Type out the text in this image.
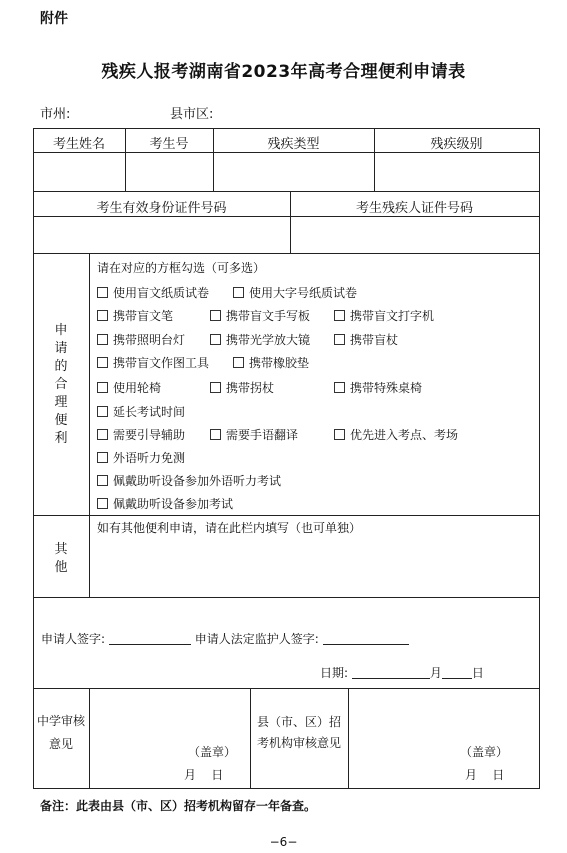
附件
残疾人报考湖南省2023年高考合理便利申请表
市州:	县市区:
考生姓名	考生号	残疾类型	残疾级别
考生有效身份证件号码	考生残疾人证件号码
申请的合理便利
请在对应的方框勾选（可多选）
使用盲文纸质试卷	使用大字号纸质试卷
携带盲文笔	携带盲文手写板	携带盲文打字机
携带照明台灯	携带光学放大镜	携带盲杖
携带盲文作图工具	携带橡胶垫
使用轮椅	携带拐杖	携带特殊桌椅
延长考试时间
需要引导辅助	需要手语翻译	优先进入考点、考场
外语听力免测
佩戴助听设备参加外语听力考试
佩戴助听设备参加考试
其他
如有其他便利申请，请在此栏内填写（也可单独）
申请人签字:	申请人法定监护人签字:
日期:	月	日
中学审核意见
（盖章）
月 日
县（市、区）招考机构审核意见
（盖章）
月 日
备注：此表由县（市、区）招考机构留存一年备查。
−6−
